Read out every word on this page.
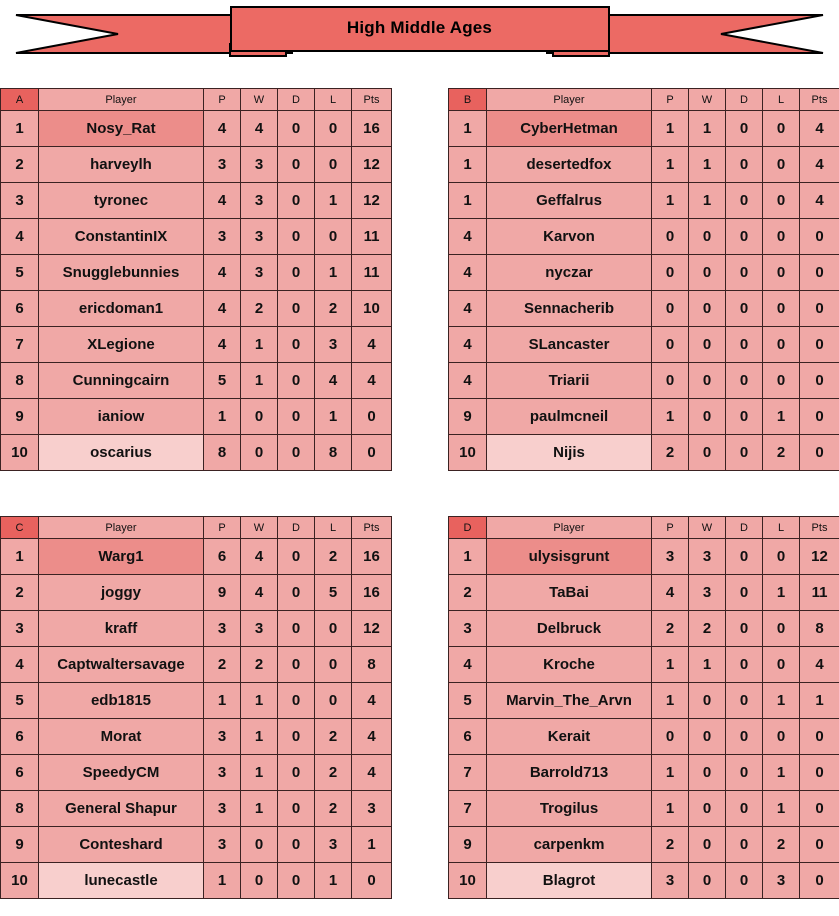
High Middle Ages
A	Player	P	W	D	L	Pts
1	Nosy_Rat	4	4	0	0	16
2	harveylh	3	3	0	0	12
3	tyronec	4	3	0	1	12
4	ConstantinIX	3	3	0	0	11
5	Snugglebunnies	4	3	0	1	11
6	ericdoman1	4	2	0	2	10
7	XLegione	4	1	0	3	4
8	Cunningcairn	5	1	0	4	4
9	ianiow	1	0	0	1	0
10	oscarius	8	0	0	8	0
B	Player	P	W	D	L	Pts
1	CyberHetman	1	1	0	0	4
1	desertedfox	1	1	0	0	4
1	Geffalrus	1	1	0	0	4
4	Karvon	0	0	0	0	0
4	nyczar	0	0	0	0	0
4	Sennacherib	0	0	0	0	0
4	SLancaster	0	0	0	0	0
4	Triarii	0	0	0	0	0
9	paulmcneil	1	0	0	1	0
10	Nijis	2	0	0	2	0
C	Player	P	W	D	L	Pts
1	Warg1	6	4	0	2	16
2	joggy	9	4	0	5	16
3	kraff	3	3	0	0	12
4	Captwaltersavage	2	2	0	0	8
5	edb1815	1	1	0	0	4
6	Morat	3	1	0	2	4
6	SpeedyCM	3	1	0	2	4
8	General Shapur	3	1	0	2	3
9	Conteshard	3	0	0	3	1
10	lunecastle	1	0	0	1	0
D	Player	P	W	D	L	Pts
1	ulysisgrunt	3	3	0	0	12
2	TaBai	4	3	0	1	11
3	Delbruck	2	2	0	0	8
4	Kroche	1	1	0	0	4
5	Marvin_The_Arvn	1	0	0	1	1
6	Kerait	0	0	0	0	0
7	Barrold713	1	0	0	1	0
7	Trogilus	1	0	0	1	0
9	carpenkm	2	0	0	2	0
10	Blagrot	3	0	0	3	0
